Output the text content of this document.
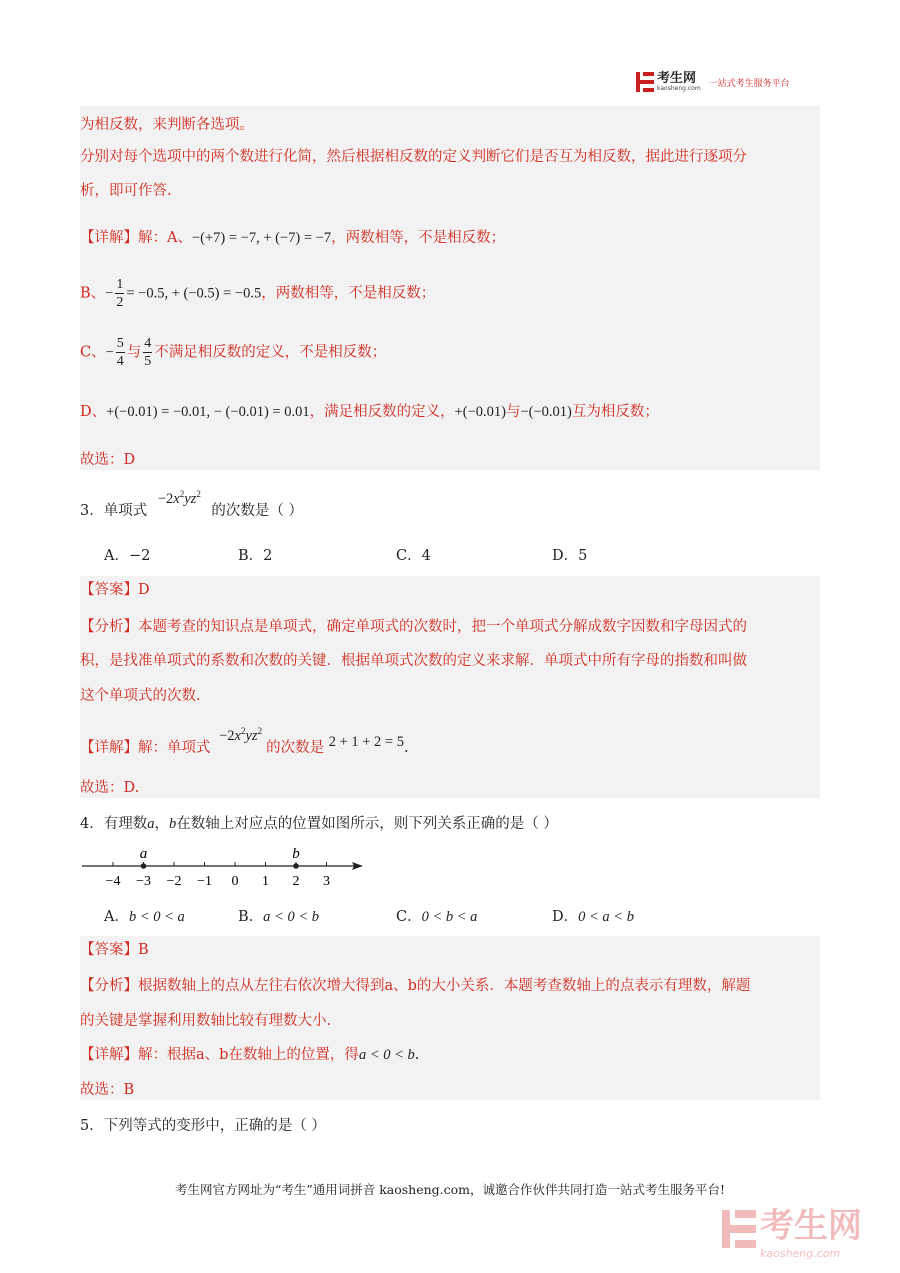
考生网
kaosheng.com 一站式考生服务平台
为相反数，来判断各选项。
分别对每个选项中的两个数进行化简，然后根据相反数的定义判断它们是否互为相反数，据此进行逐项分
析，即可作答.
【详解】解：A、−(+7) = −7, + (−7) = −7，两数相等，不是相反数；
B、− $\frac{1}{2} = -0.5$, + (−0.5) = −0.5，两数相等，不是相反数；
C、− $\frac{5}{4}$ 与 $\frac{4}{5}$ 不满足相反数的定义，不是相反数；
D、+(−0.01) = −0.01, − (−0.01) = 0.01，满足相反数的定义，+(−0.01)与−(−0.01)互为相反数；
故选：D
3．单项式 $-2x^2yz^2$ 的次数是（ ）
A．−2	B．2	C．4	D．5
【答案】D
【分析】本题考查的知识点是单项式，确定单项式的次数时，把一个单项式分解成数字因数和字母因式的
积，是找准单项式的系数和次数的关键．根据单项式次数的定义来求解．单项式中所有字母的指数和叫做
这个单项式的次数.
【详解】解：单项式 $-2x^2yz^2$的次数是 2 + 1 + 2 = 5.
故选：D.
4．有理数a，b在数轴上对应点的位置如图所示，则下列关系正确的是（ ）
−4 −3 −2 −1 0 1 2 3
a	b
A．b < 0 < a	B．a < 0 < b	C．0 < b < a	D．0 < a < b
【答案】B
【分析】根据数轴上的点从左往右依次增大得到a、b的大小关系．本题考查数轴上的点表示有理数，解题
的关键是掌握利用数轴比较有理数大小.
【详解】解：根据a、b在数轴上的位置，得a < 0 < b.
故选：B
5．下列等式的变形中，正确的是（ ）
考生网官方网址为“考生”通用词拼音 kaosheng.com，诚邀合作伙伴共同打造一站式考生服务平台!
考生网
kaosheng.com
